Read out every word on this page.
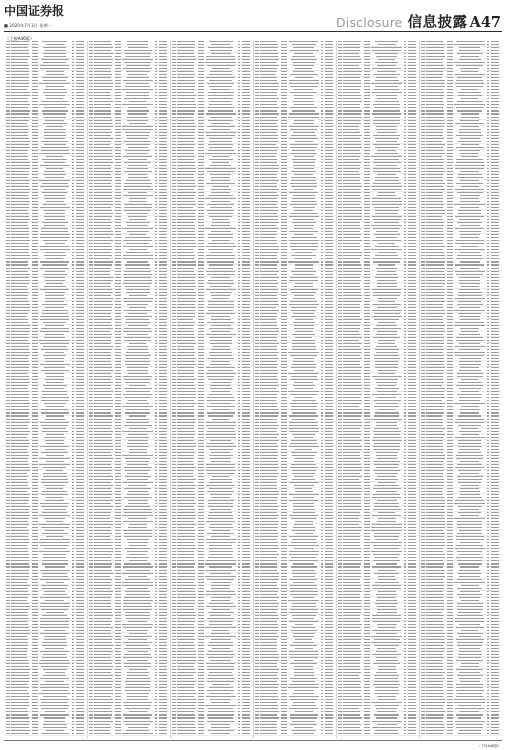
中国证券报
■ 2020年7月3日 星期一	Disclosure 信息披露 A47
（上接A46版）
（下转A48版）
